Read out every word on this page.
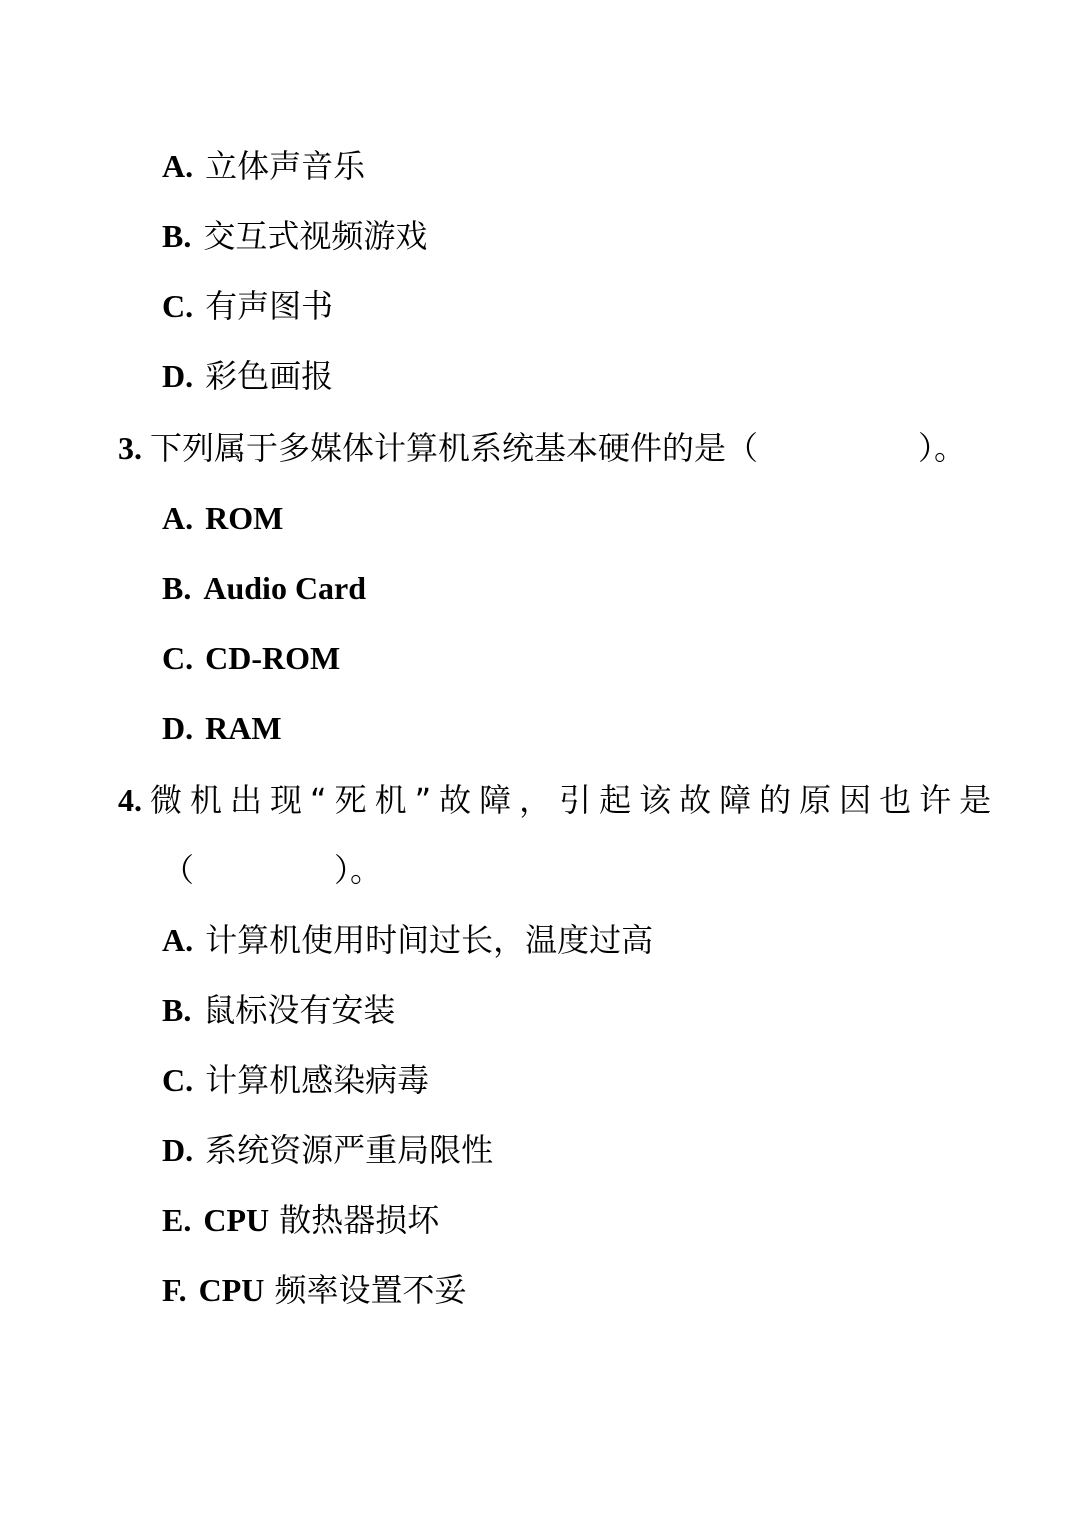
A. 立体声音乐
B. 交互式视频游戏
C. 有声图书
D. 彩色画报
3. 下列属于多媒体计算机系统基本硬件的是（	）。
A. ROM
B. Audio Card
C. CD-ROM
D. RAM
4. 微机出现“死机”故障，引起该故障的原因也许是
（	）。
A. 计算机使用时间过长，温度过高
B. 鼠标没有安装
C. 计算机感染病毒
D. 系统资源严重局限性
E. CPU 散热器损坏
F. CPU 频率设置不妥
